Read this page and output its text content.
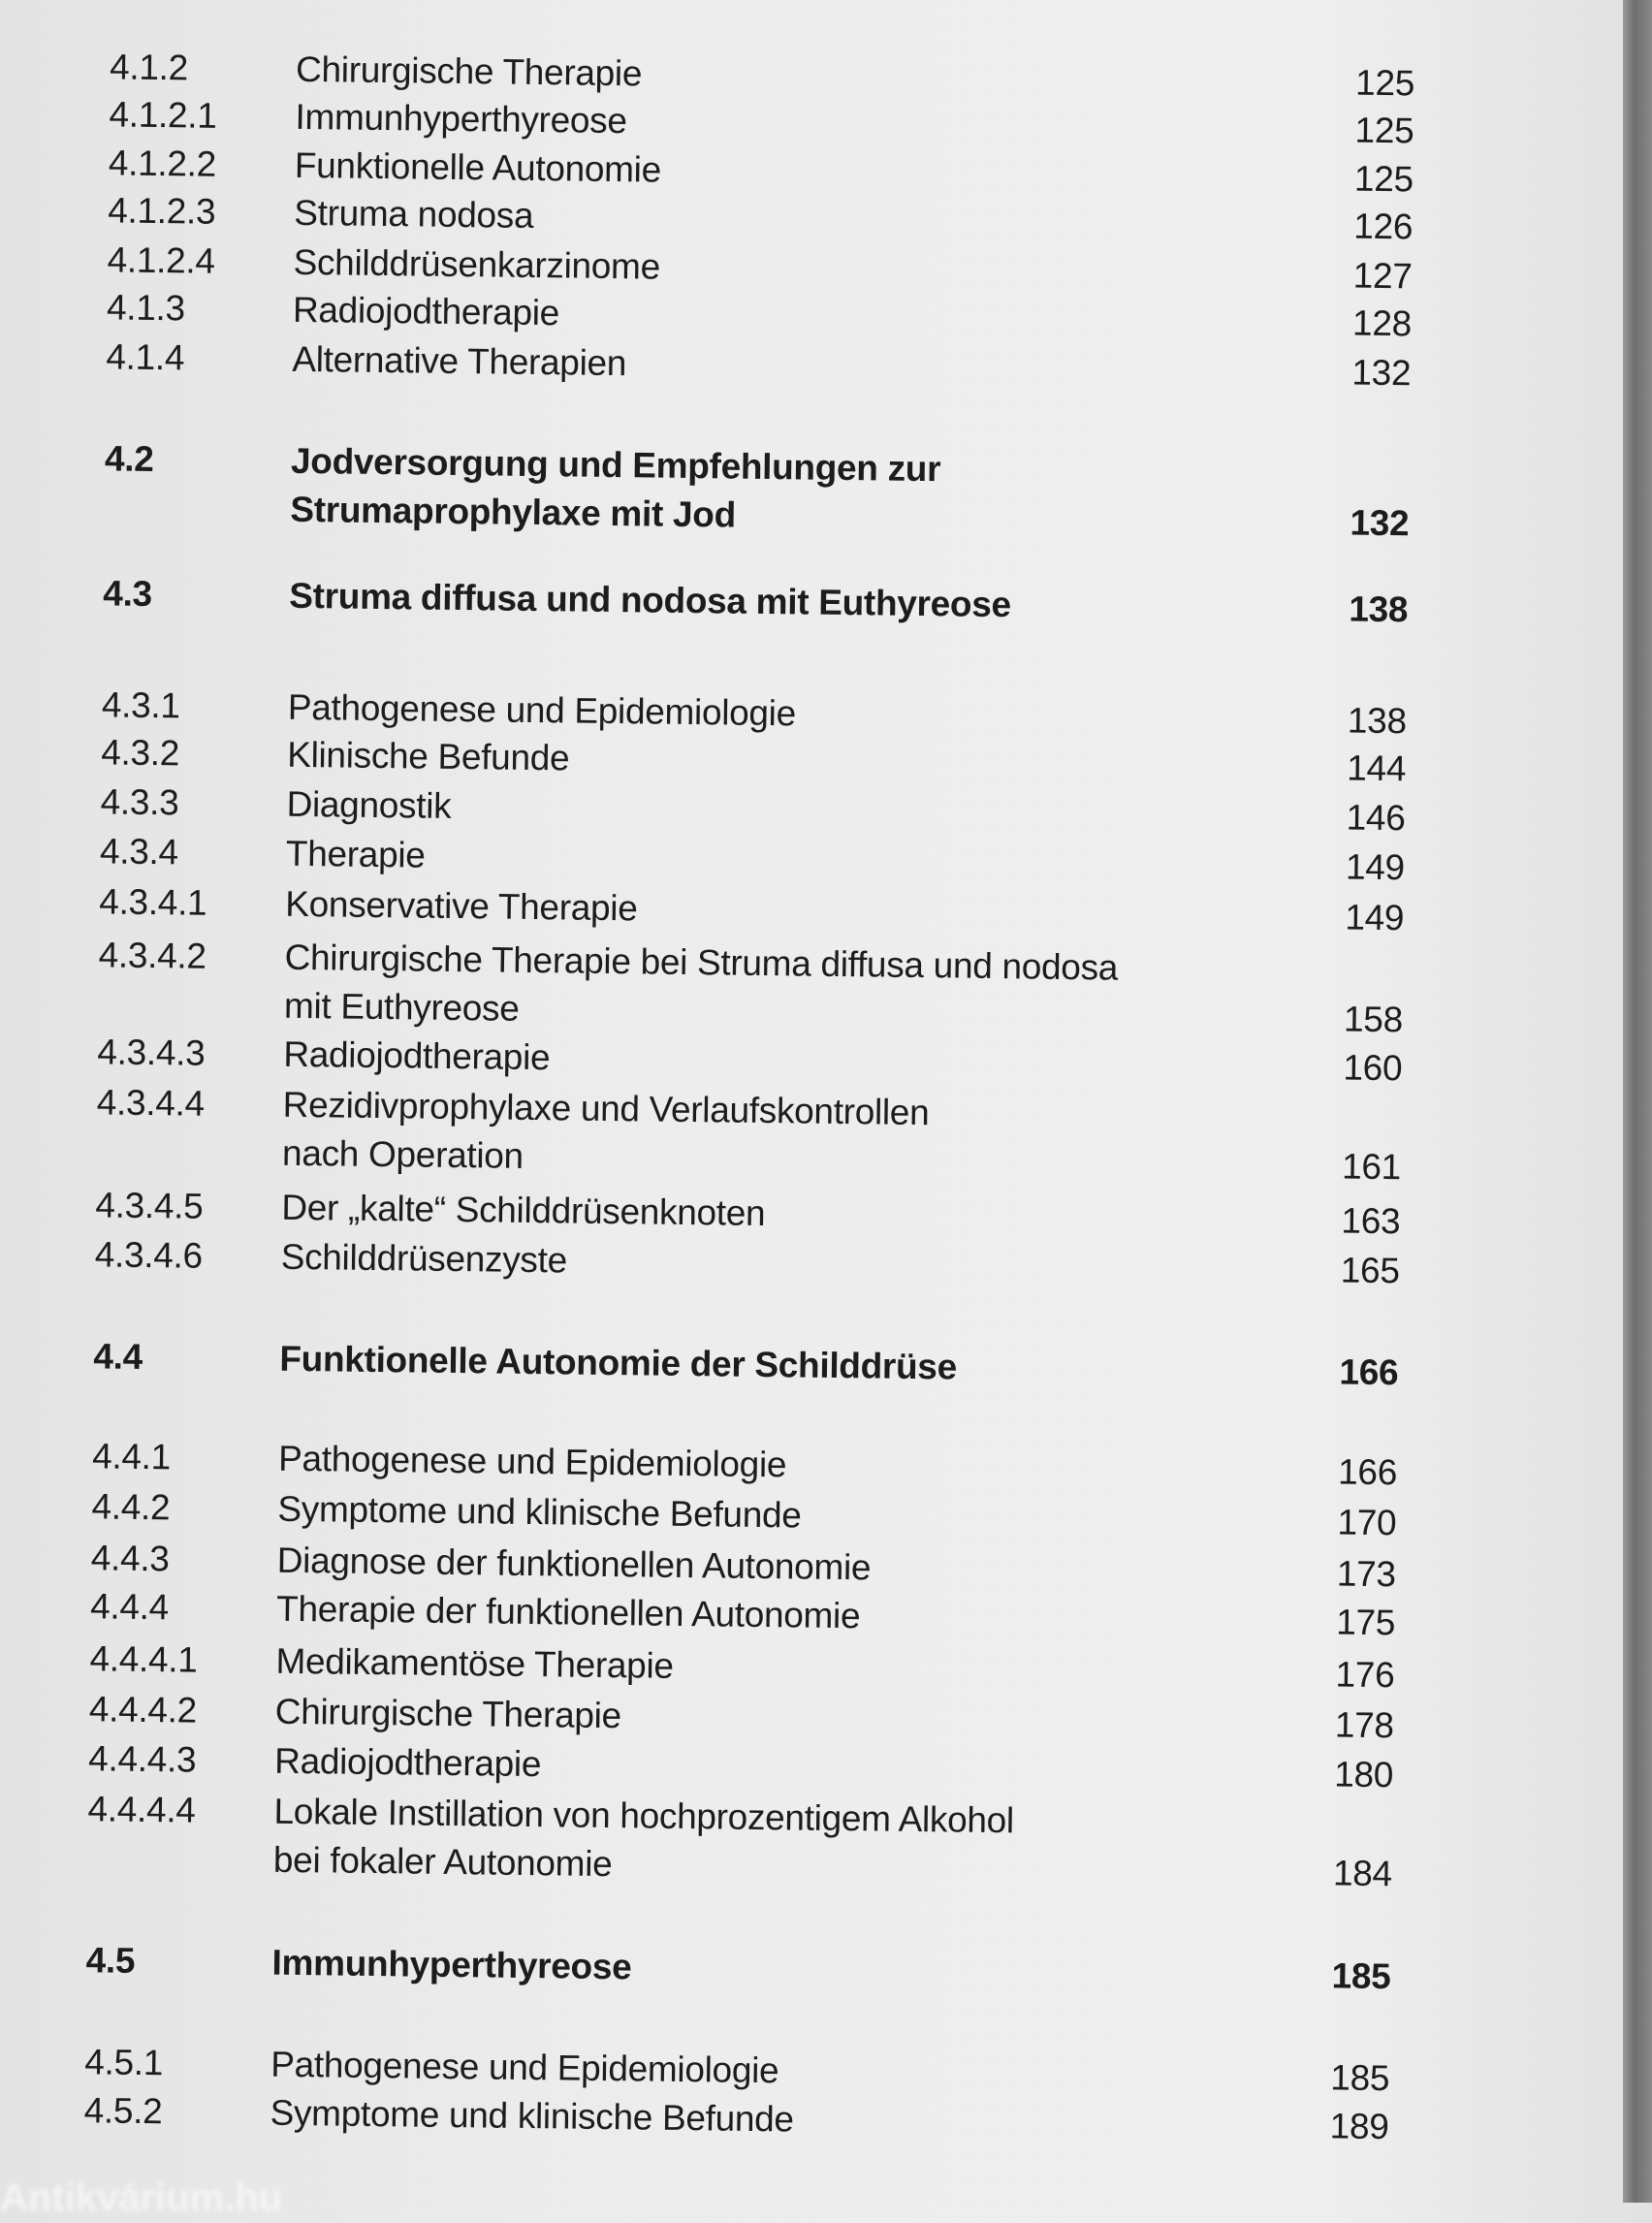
4.1.2	Chirurgische Therapie	125
4.1.2.1 Immunhyperthyreose	125
4.1.2.2 Funktionelle Autonomie	125
4.1.2.3 Struma nodosa	126
4.1.2.4 Schilddrüsenkarzinome	127
4.1.3	Radiojodtherapie	128
4.1.4	Alternative Therapien	132
4.2	Jodversorgung und Empfehlungen zur
Strumaprophylaxe mit Jod	132
4.3	Struma diffusa und nodosa mit Euthyreose	138
4.3.1	Pathogenese und Epidemiologie	138
4.3.2	Klinische Befunde	144
4.3.3	Diagnostik	146
4.3.4	Therapie	149
4.3.4.1 Konservative Therapie	149
4.3.4.2 Chirurgische Therapie bei Struma diffusa und nodosa
mit Euthyreose	158
4.3.4.3 Radiojodtherapie	160
4.3.4.4 Rezidivprophylaxe und Verlaufskontrollen
nach Operation	161
4.3.4.5 Der „kalte“ Schilddrüsenknoten	163
4.3.4.6 Schilddrüsenzyste	165
4.4	Funktionelle Autonomie der Schilddrüse	166
4.4.1	Pathogenese und Epidemiologie	166
4.4.2	Symptome und klinische Befunde	170
4.4.3	Diagnose der funktionellen Autonomie	173
4.4.4	Therapie der funktionellen Autonomie	175
4.4.4.1 Medikamentöse Therapie	176
4.4.4.2 Chirurgische Therapie	178
4.4.4.3 Radiojodtherapie	180
4.4.4.4 Lokale Instillation von hochprozentigem Alkohol
bei fokaler Autonomie	184
4.5	Immunhyperthyreose	185
4.5.1	Pathogenese und Epidemiologie	185
4.5.2	Symptome und klinische Befunde	189
Antikvárium.hu
